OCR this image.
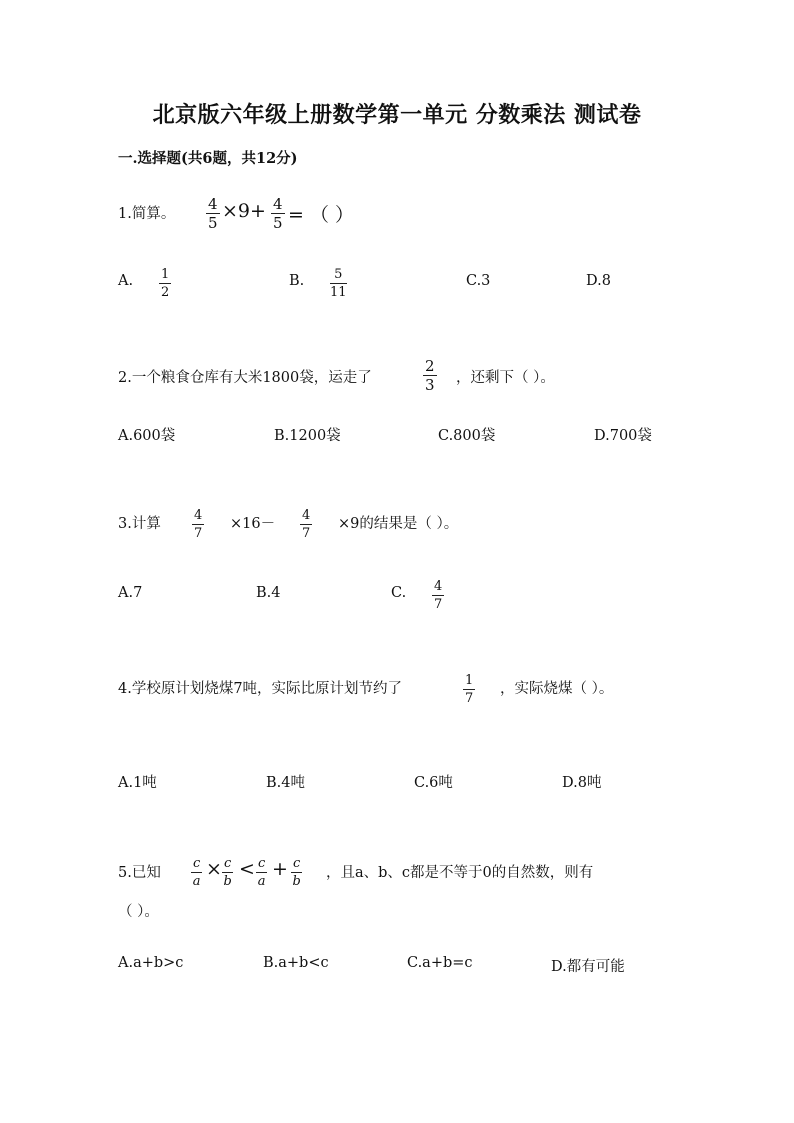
北京版六年级上册数学第一单元 分数乘法 测试卷
一.选择题(共6题，共12分)
1.简算。
4
5
×9+ 4
5 = （ ）
A. 1
2
B. 5
11
C.3	D.8
2.一个粮食仓库有大米1800袋，运走了
2
3 ，还剩下（ ）。
A.600袋	B.1200袋	C.800袋	D.700袋
3.计算
4
7
×16－
4
7
×9的结果是（ ）。
A.7	B.4	C. 4
7
4.学校原计划烧煤7吨，实际比原计划节约了
1
7
，实际烧煤（ ）。
A.1吨	B.4吨	C.6吨	D.8吨
5.已知
c
a
× c
b
< c
a
+ c
b
，且a、b、c都是不等于0的自然数，则有
（ ）。
A.a+b>c	B.a+b<c	C.a+b=c	D.都有可能
